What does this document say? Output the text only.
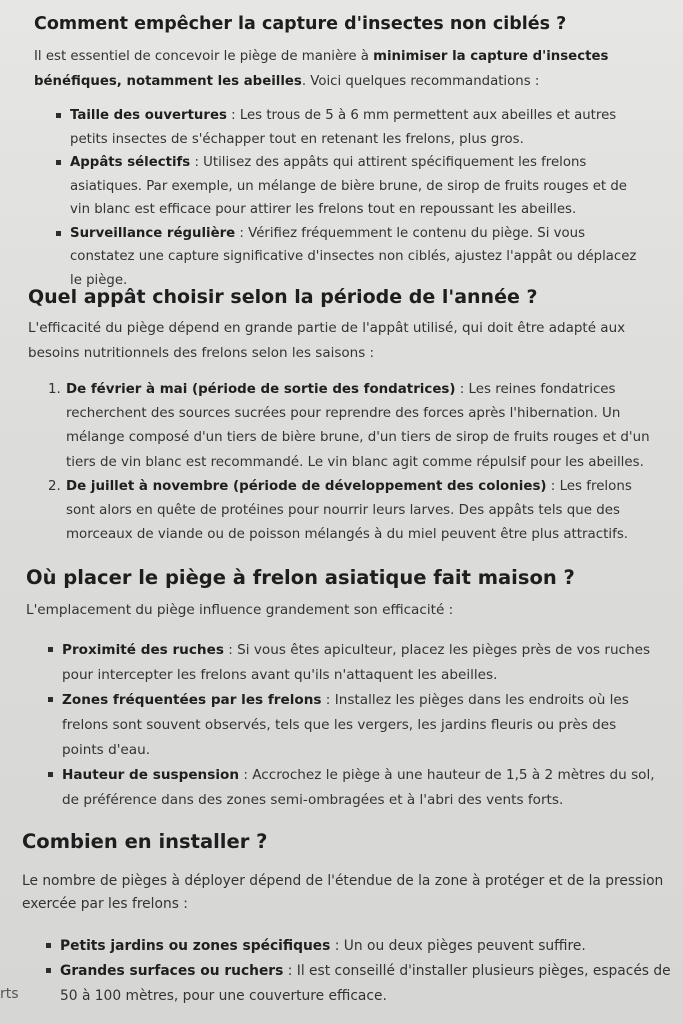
Comment empêcher la capture d'insectes non ciblés ?

Il est essentiel de concevoir le piège de manière à minimiser la capture d'insectes bénéfiques, notamment les abeilles. Voici quelques recommandations :

Taille des ouvertures : Les trous de 5 à 6 mm permettent aux abeilles et autres petits insectes de s'échapper tout en retenant les frelons, plus gros.
Appâts sélectifs : Utilisez des appâts qui attirent spécifiquement les frelons asiatiques. Par exemple, un mélange de bière brune, de sirop de fruits rouges et de vin blanc est efficace pour attirer les frelons tout en repoussant les abeilles.
Surveillance régulière : Vérifiez fréquemment le contenu du piège. Si vous constatez une capture significative d'insectes non ciblés, ajustez l'appât ou déplacez le piège.
Quel appât choisir selon la période de l'année ?

L'efficacité du piège dépend en grande partie de l'appât utilisé, qui doit être adapté aux besoins nutritionnels des frelons selon les saisons :

1. De février à mai (période de sortie des fondatrices) : Les reines fondatrices recherchent des sources sucrées pour reprendre des forces après l'hibernation. Un mélange composé d'un tiers de bière brune, d'un tiers de sirop de fruits rouges et d'un tiers de vin blanc est recommandé. Le vin blanc agit comme répulsif pour les abeilles.
2. De juillet à novembre (période de développement des colonies) : Les frelons sont alors en quête de protéines pour nourrir leurs larves. Des appâts tels que des morceaux de viande ou de poisson mélangés à du miel peuvent être plus attractifs.
Où placer le piège à frelon asiatique fait maison ?

L'emplacement du piège influence grandement son efficacité :

Proximité des ruches : Si vous êtes apiculteur, placez les pièges près de vos ruches pour intercepter les frelons avant qu'ils n'attaquent les abeilles.
Zones fréquentées par les frelons : Installez les pièges dans les endroits où les frelons sont souvent observés, tels que les vergers, les jardins fleuris ou près des points d'eau.
Hauteur de suspension : Accrochez le piège à une hauteur de 1,5 à 2 mètres du sol, de préférence dans des zones semi-ombragées et à l'abri des vents forts.
Combien en installer ?

Le nombre de pièges à déployer dépend de l'étendue de la zone à protéger et de la pression exercée par les frelons :

Petits jardins ou zones spécifiques : Un ou deux pièges peuvent suffire.
Grandes surfaces ou ruchers : Il est conseillé d'installer plusieurs pièges, espacés de 50 à 100 mètres, pour une couverture efficace.
rts
